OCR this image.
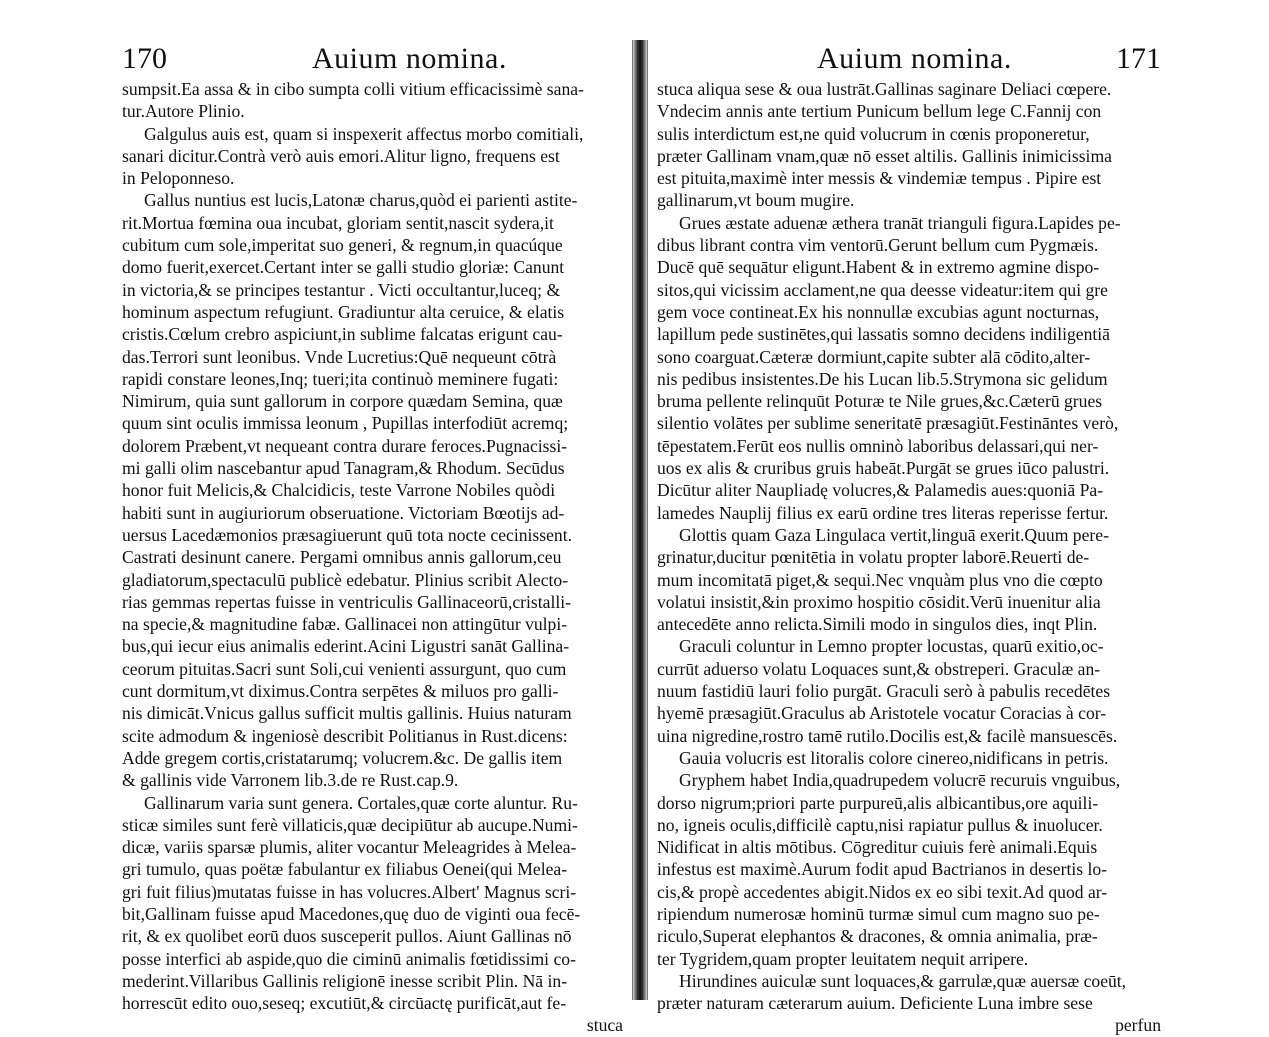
170	Auium nomina.
sumpsit.Ea assa & in cibo sumpta colli vitium efficacissimè sana-
tur.Autore Plinio.
Galgulus auis est, quam si inspexerit affectus morbo comitiali,
sanari dicitur.Contrà verò auis emori.Alitur ligno, frequens est
in Peloponneso.
Gallus nuntius est lucis,Latonæ charus,quòd ei parienti astite-
rit.Mortua fœmina oua incubat, gloriam sentit,nascit sydera,it
cubitum cum sole,imperitat suo generi, & regnum,in quacúque
domo fuerit,exercet.Certant inter se galli studio gloriæ: Canunt
in victoria,& se principes testantur . Victi occultantur,luceq; &
hominum aspectum refugiunt. Gradiuntur alta ceruice, & elatis
cristis.Cœlum crebro aspiciunt,in sublime falcatas erigunt cau-
das.Terrori sunt leonibus. Vnde Lucretius:Quē nequeunt cōtrà
rapidi constare leones,Inq; tueri;ita continuò meminere fugati:
Nimirum, quia sunt gallorum in corpore quædam Semina, quæ
quum sint oculis immissa leonum , Pupillas interfodiūt acremq;
dolorem Præbent,vt nequeant contra durare feroces.Pugnacissi-
mi galli olim nascebantur apud Tanagram,& Rhodum. Secūdus
honor fuit Melicis,& Chalcidicis, teste Varrone Nobiles quòdi
habiti sunt in augiuriorum obseruatione. Victoriam Bœotijs ad-
uersus Lacedæmonios præsagiuerunt quū tota nocte cecinissent.
Castrati desinunt canere. Pergami omnibus annis gallorum,ceu
gladiatorum,spectaculū publicè edebatur. Plinius scribit Alecto-
rias gemmas repertas fuisse in ventriculis Gallinaceorū,cristalli-
na specie,& magnitudine fabæ. Gallinacei non attingūtur vulpi-
bus,qui iecur eius animalis ederint.Acini Ligustri sanāt Gallina-
ceorum pituitas.Sacri sunt Soli,cui venienti assurgunt, quo cum
cunt dormitum,vt diximus.Contra serpētes & miluos pro galli-
nis dimicāt.Vnicus gallus sufficit multis gallinis. Huius naturam
scite admodum & ingeniosè describit Politianus in Rust.dicens:
Adde gregem cortis,cristatarumq; volucrem.&c. De gallis item
& gallinis vide Varronem lib.3.de re Rust.cap.9.
Gallinarum varia sunt genera. Cortales,quæ corte aluntur. Ru-
sticæ similes sunt ferè villaticis,quæ decipiūtur ab aucupe.Numi-
dicæ, variis sparsæ plumis, aliter vocantur Meleagrides à Melea-
gri tumulo, quas poëtæ fabulantur ex filiabus Oenei(qui Melea-
gri fuit filius)mutatas fuisse in has volucres.Albert' Magnus scri-
bit,Gallinam fuisse apud Macedones,quę duo de viginti oua fecē-
rit, & ex quolibet eorū duos susceperit pullos. Aiunt Gallinas nō
posse interfici ab aspide,quo die ciminū animalis fœtidissimi co-
mederint.Villaribus Gallinis religionē inesse scribit Plin. Nā in-
horrescūt edito ouo,seseq; excutiūt,& circūactę purificāt,aut fe-
stuca
Auium nomina.	171
stuca aliqua sese & oua lustrāt.Gallinas saginare Deliaci cœpere.
Vndecim annis ante tertium Punicum bellum lege C.Fannij con
sulis interdictum est,ne quid volucrum in cœnis proponeretur,
præter Gallinam vnam,quæ nō esset altilis. Gallinis inimicissima
est pituita,maximè inter messis & vindemiæ tempus . Pipire est
gallinarum,vt boum mugire.
Grues æstate aduenæ æthera tranāt trianguli figura.Lapides pe-
dibus librant contra vim ventorū.Gerunt bellum cum Pygmæis.
Ducē quē sequātur eligunt.Habent & in extremo agmine dispo-
sitos,qui vicissim acclament,ne qua deesse videatur:item qui gre
gem voce contineat.Ex his nonnullæ excubias agunt nocturnas,
lapillum pede sustinētes,qui lassatis somno decidens indiligentiā
sono coarguat.Cæteræ dormiunt,capite subter alā cōdito,alter-
nis pedibus insistentes.De his Lucan lib.5.Strymona sic gelidum
bruma pellente relinquūt Poturæ te Nile grues,&c.Cæterū grues
silentio volātes per sublime seneritatē præsagiūt.Festināntes verò,
tēpestatem.Ferūt eos nullis omninò laboribus delassari,qui ner-
uos ex alis & cruribus gruis habeāt.Purgāt se grues iūco palustri.
Dicūtur aliter Naupliadę volucres,& Palamedis aues:quoniā Pa-
lamedes Nauplij filius ex earū ordine tres literas reperisse fertur.
Glottis quam Gaza Lingulaca vertit,linguā exerit.Quum pere-
grinatur,ducitur pœnitētia in volatu propter laborē.Reuerti de-
mum incomitatā piget,& sequi.Nec vnquàm plus vno die cœpto
volatui insistit,&in proximo hospitio cōsidit.Verū inuenitur alia
antecedēte anno relicta.Simili modo in singulos dies, inqt Plin.
Graculi coluntur in Lemno propter locustas, quarū exitio,oc-
currūt aduerso volatu Loquaces sunt,& obstreperi. Graculæ an-
nuum fastidiū lauri folio purgāt. Graculi serò à pabulis recedētes
hyemē præsagiūt.Graculus ab Aristotele vocatur Coracias à cor-
uina nigredine,rostro tamē rutilo.Docilis est,& facilè mansuescēs.
Gauia volucris est litoralis colore cinereo,nidificans in petris.
Gryphem habet India,quadrupedem volucrē recuruis vnguibus,
dorso nigrum;priori parte purpureū,alis albicantibus,ore aquili-
no, igneis oculis,difficilè captu,nisi rapiatur pullus & inuolucer.
Nidificat in altis mōtibus. Cōgreditur cuiuis ferè animali.Equis
infestus est maximè.Aurum fodit apud Bactrianos in desertis lo-
cis,& propè accedentes abigit.Nidos ex eo sibi texit.Ad quod ar-
ripiendum numerosæ hominū turmæ simul cum magno suo pe-
riculo,Superat elephantos & dracones, & omnia animalia, præ-
ter Tygridem,quam propter leuitatem nequit arripere.
Hirundines auiculæ sunt loquaces,& garrulæ,quæ auersæ coeūt,
præter naturam cæterarum auium. Deficiente Luna imbre sese
perfun
